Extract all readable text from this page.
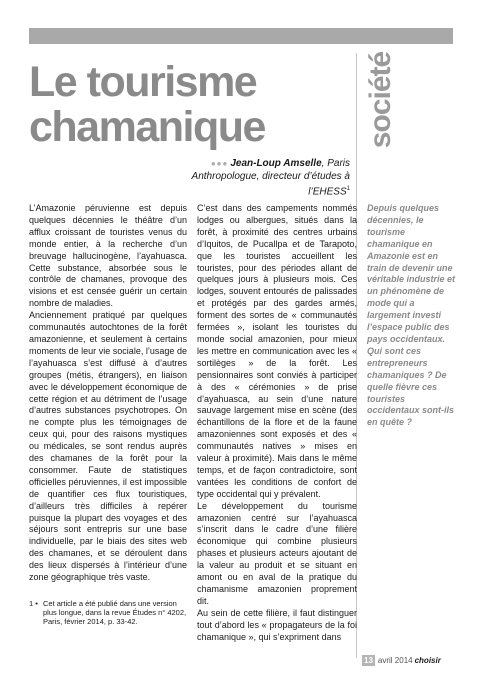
société
Le tourisme chamanique
●●● Jean-Loup Amselle, Paris
Anthropologue, directeur d’études à l’EHESS$^1$

L’Amazonie péruvienne est depuis quelques décennies le théâtre d’un afflux croissant de touristes venus du monde entier, à la recherche d’un breuvage hallucinogène, l’ayahuasca. Cette substance, absorbée sous le contrôle de chamanes, provoque des visions et est censée guérir un certain nombre de maladies.

Anciennement pratiqué par quelques communautés autochtones de la forêt amazonienne, et seulement à certains moments de leur vie sociale, l’usage de l’ayahuasca s’est diffusé à d’autres groupes (métis, étrangers), en liaison avec le développement économique de cette région et au détriment de l’usage d’autres substances psychotropes. On ne compte plus les témoignages de ceux qui, pour des raisons mystiques ou médicales, se sont rendus auprès des chamanes de la forêt pour la consommer. Faute de statistiques officielles péruviennes, il est impossible de quantifier ces flux touristiques, d’ailleurs très difficiles à repérer puisque la plupart des voyages et des séjours sont entrepris sur une base individuelle, par le biais des sites web des chamanes, et se déroulent dans des lieux dispersés à l’intérieur d’une zone géographique très vaste.

1 • Cet article a été publié dans une version plus longue, dans la revue Études n° 4202, Paris, février 2014, p. 33-42.

C’est dans des campements nommés lodges ou albergues, situés dans la forêt, à proximité des centres urbains d’Iquitos, de Pucallpa et de Tarapoto, que les touristes accueillent les touristes, pour des périodes allant de quelques jours à plusieurs mois. Ces lodges, souvent entourés de palissades et protégés par des gardes armés, forment des sortes de « communautés fermées », isolant les touristes du monde social amazonien, pour mieux les mettre en communication avec les « sortilèges » de la forêt. Les pensionnaires sont conviés à participer à des « cérémonies » de prise d’ayahuasca, au sein d’une nature sauvage largement mise en scène (des échantillons de la flore et de la faune amazoniennes sont exposés et des « communautés natives » mises en valeur à proximité). Mais dans le même temps, et de façon contradictoire, sont vantées les conditions de confort de type occidental qui y prévalent.

Le développement du tourisme amazonien centré sur l’ayahuasca s’inscrit dans le cadre d’une filière économique qui combine plusieurs phases et plusieurs acteurs ajoutant de la valeur au produit et se situant en amont ou en aval de la pratique du chamanisme amazonien proprement dit.

Au sein de cette filière, il faut distinguer tout d’abord les « propagateurs de la foi chamanique », qui s’expriment dans

Depuis quelques décennies, le tourisme chamanique en Amazonie est en train de devenir une véritable industrie et un phénomène de mode qui a largement investi l’espace public des pays occidentaux. Qui sont ces entrepreneurs chamaniques ? De quelle fièvre ces touristes occidentaux sont-ils en quête ?
13 avril 2014 choisir
